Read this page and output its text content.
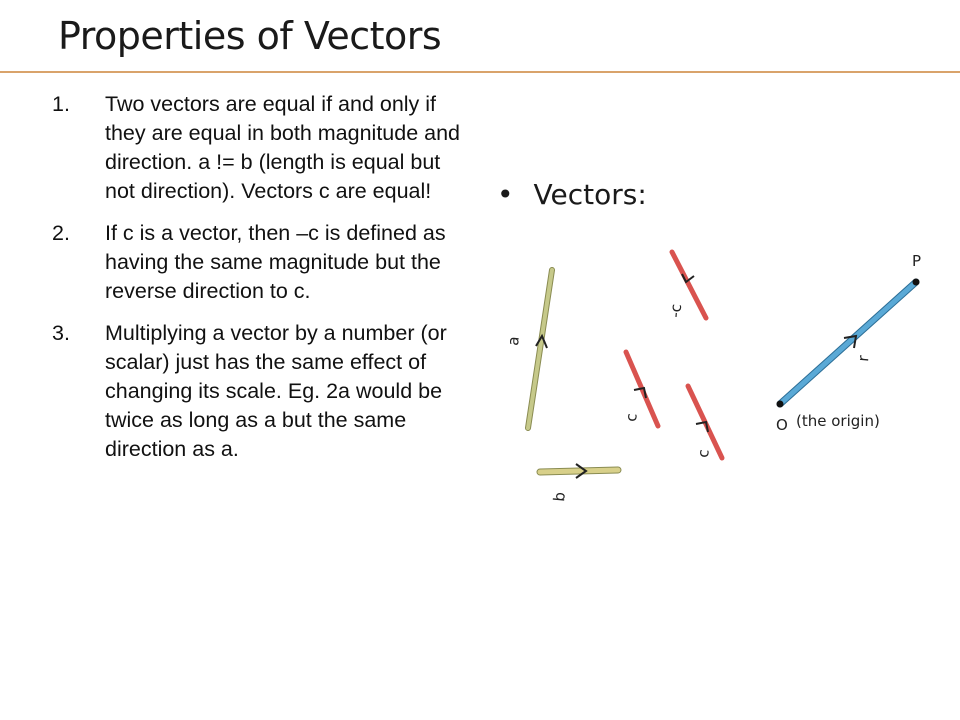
Properties of Vectors
1. Two vectors are equal if and only if they are equal in both magnitude and direction. a != b (length is equal but not direction). Vectors c are equal!
2. If c is a vector, then –c is defined as having the same magnitude but the reverse direction to c.
3. Multiplying a vector by a number (or scalar) just has the same effect of changing its scale. Eg. 2a would be twice as long as a but the same direction as a.
• Vectors:
a
b
-c
c
c
r
P
O (the origin)
